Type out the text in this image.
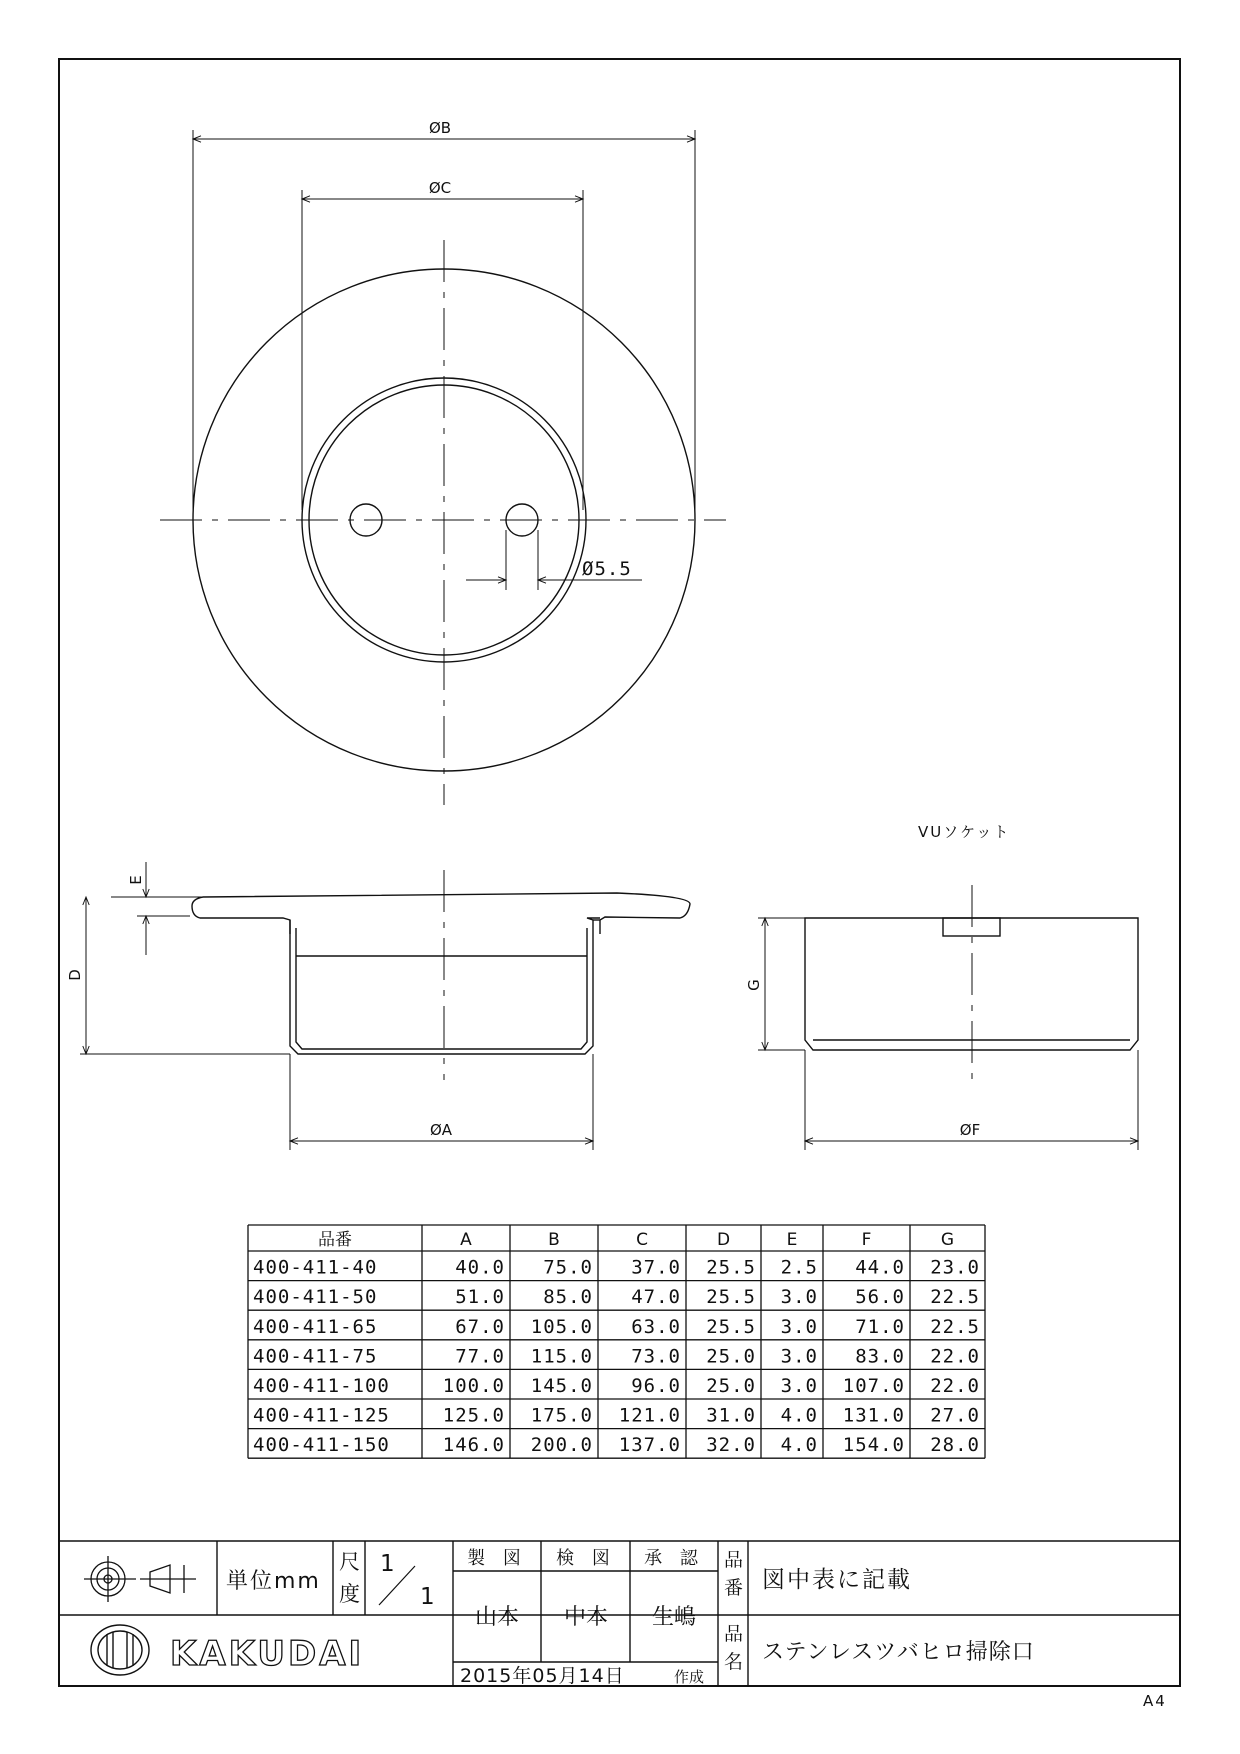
ØB
ØC
Ø5.5
E
D
ØA
VUソケット
G
ØF
品番	A	B	C	D	E	F	G
400-411-40	40.0 75.0 37.0 25.5 2.5 44.0 23.0
400-411-50	51.0 85.0 47.0 25.5 3.0 56.0 22.5
400-411-65	67.0 105.0 63.0 25.5 3.0 71.0 22.5
400-411-75	77.0 115.0 73.0 25.0 3.0 83.0 22.0
400-411-100	100.0 145.0 96.0 25.0 3.0 107.0 22.0
400-411-125	125.0 175.0 121.0 31.0 4.0 131.0 27.0
400-411-150	146.0 200.0 137.0 32.0 4.0 154.0 28.0
単位mm
尺
度
1
1
製 図 検 図 承 認
山本 中本 生嶋
2015年05月14日	作成
品
番 図中表に記載
品
名 ステンレスツバヒロ掃除口
KAKUDAI
A4
